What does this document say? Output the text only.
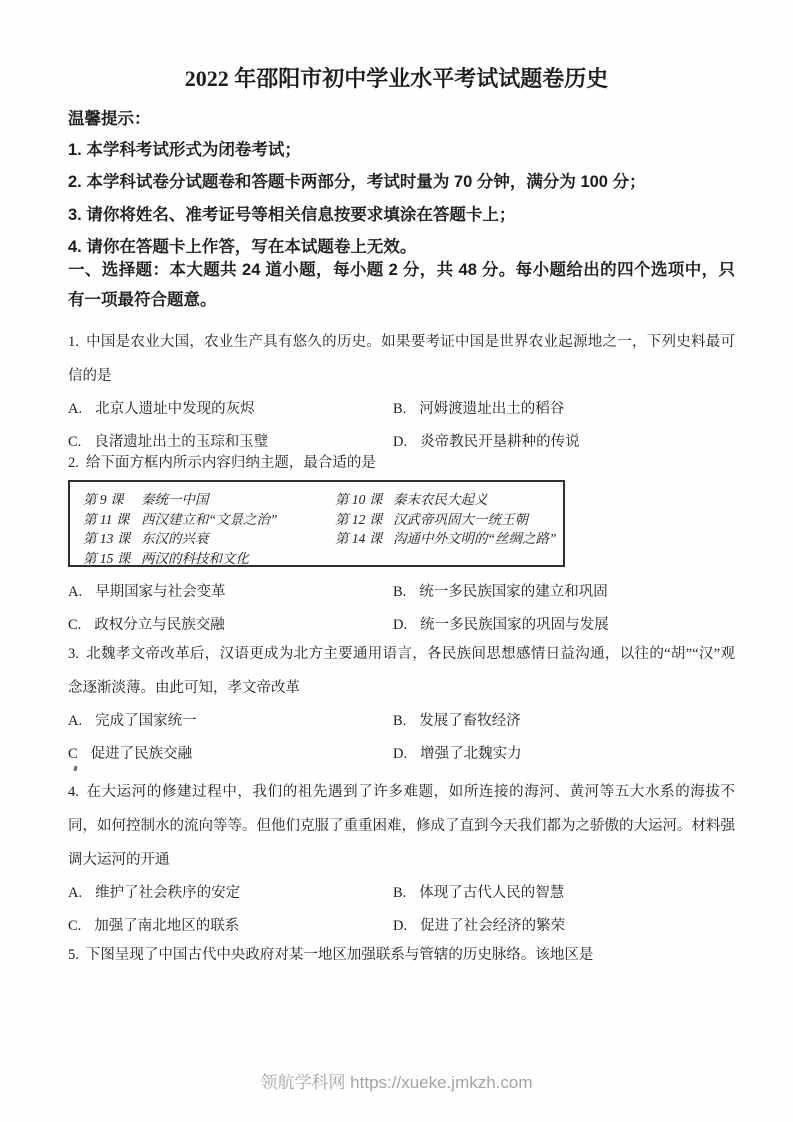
2022 年邵阳市初中学业水平考试试题卷历史
温馨提示：
1. 本学科考试形式为闭卷考试；
2. 本学科试卷分试题卷和答题卡两部分，考试时量为 70 分钟，满分为 100 分；
3. 请你将姓名、准考证号等相关信息按要求填涂在答题卡上；
4. 请你在答题卡上作答，写在本试题卷上无效。
一、选择题：本大题共 24 道小题，每小题 2 分，共 48 分。每小题给出的四个选项中，只有一项最符合题意。
1. 中国是农业大国，农业生产具有悠久的历史。如果要考证中国是世界农业起源地之一，下列史料最可信的是
A. 北京人遗址中发现的灰烬	B. 河姆渡遗址出土的稻谷
C. 良渚遗址出土的玉琮和玉璧	D. 炎帝教民开垦耕种的传说
2. 给下面方框内所示内容归纳主题，最合适的是
第 9 课 秦统一中国	第 10 课 秦末农民大起义
第 11 课 西汉建立和“文景之治”	第 12 课 汉武帝巩固大一统王朝
第 13 课 东汉的兴衰	第 14 课 沟通中外文明的“丝绸之路”
第 15 课 两汉的科技和文化
A. 早期国家与社会变革	B. 统一多民族国家的建立和巩固
C. 政权分立与民族交融	D. 统一多民族国家的巩固与发展
3. 北魏孝文帝改革后，汉语更成为北方主要通用语言，各民族间思想感情日益沟通，以往的“胡”“汉”观念逐渐淡薄。由此可知，孝文帝改革
A. 完成了国家统一	B. 发展了畜牧经济
C 促进了民族交融	D. 增强了北魏实力
4. 在大运河的修建过程中，我们的祖先遇到了许多难题，如所连接的海河、黄河等五大水系的海拔不同，如何控制水的流向等等。但他们克服了重重困难，修成了直到今天我们都为之骄傲的大运河。材料强调大运河的开通
A. 维护了社会秩序的安定	B. 体现了古代人民的智慧
C. 加强了南北地区的联系	D. 促进了社会经济的繁荣
5. 下图呈现了中国古代中央政府对某一地区加强联系与管辖的历史脉络。该地区是
领航学科网 https://xueke.jmkzh.com
